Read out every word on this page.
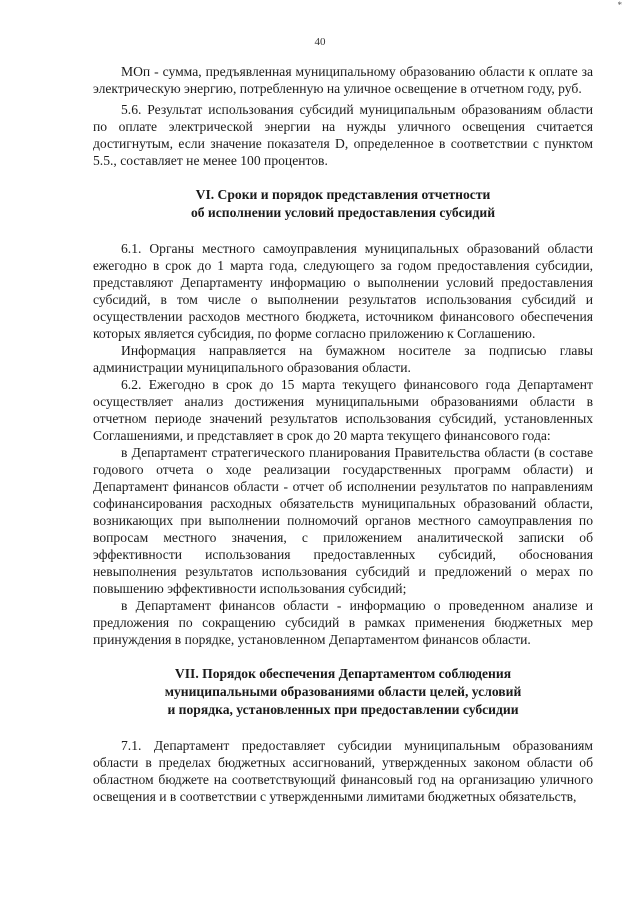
*
40

МОп - сумма, предъявленная муниципальному образованию области к оплате за электрическую энергию, потребленную на уличное освещение в отчетном году, руб.

5.6. Результат использования субсидий муниципальным образованиям области по оплате электрической энергии на нужды уличного освещения считается достигнутым, если значение показателя D, определенное в соответствии с пунктом 5.5., составляет не менее 100 процентов.

VI. Сроки и порядок представления отчетности
об исполнении условий предоставления субсидий

6.1. Органы местного самоуправления муниципальных образований области ежегодно в срок до 1 марта года, следующего за годом предоставления субсидии, представляют Департаменту информацию о выполнении условий предоставления субсидий, в том числе о выполнении результатов использования субсидий и осуществлении расходов местного бюджета, источником финансового обеспечения которых является субсидия, по форме согласно приложению к Соглашению.

Информация направляется на бумажном носителе за подписью главы администрации муниципального образования области.

6.2. Ежегодно в срок до 15 марта текущего финансового года Департамент осуществляет анализ достижения муниципальными образованиями области в отчетном периоде значений результатов использования субсидий, установленных Соглашениями, и представляет в срок до 20 марта текущего финансового года:

в Департамент стратегического планирования Правительства области (в составе годового отчета о ходе реализации государственных программ области) и Департамент финансов области - отчет об исполнении результатов по направлениям софинансирования расходных обязательств муниципальных образований области, возникающих при выполнении полномочий органов местного самоуправления по вопросам местного значения, с приложением аналитической записки об эффективности использования предоставленных субсидий, обоснования невыполнения результатов использования субсидий и предложений о мерах по повышению эффективности использования субсидий;

в Департамент финансов области - информацию о проведенном анализе и предложения по сокращению субсидий в рамках применения бюджетных мер принуждения в порядке, установленном Департаментом финансов области.

VII. Порядок обеспечения Департаментом соблюдения
муниципальными образованиями области целей, условий
и порядка, установленных при предоставлении субсидии

7.1. Департамент предоставляет субсидии муниципальным образованиям области в пределах бюджетных ассигнований, утвержденных законом области об областном бюджете на соответствующий финансовый год на организацию уличного освещения и в соответствии с утвержденными лимитами бюджетных обязательств,
